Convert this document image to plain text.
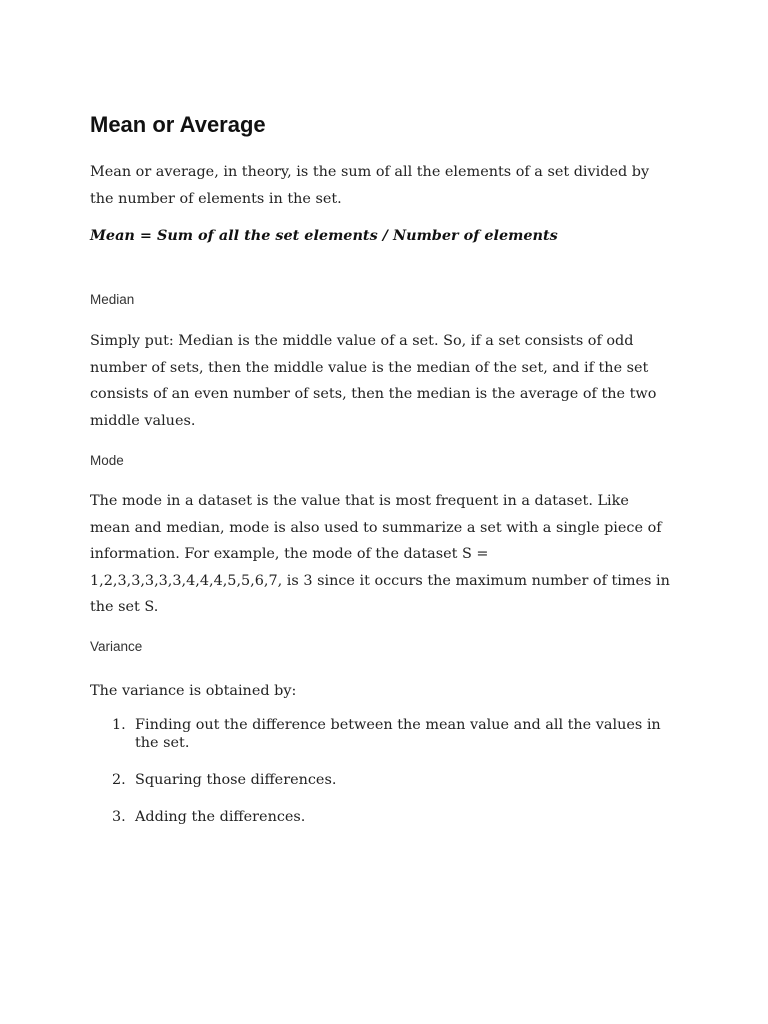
Mean or Average
Mean or average, in theory, is the sum of all the elements of a set divided by the number of elements in the set.
Mean = Sum of all the set elements / Number of elements
Median
Simply put: Median is the middle value of a set. So, if a set consists of odd number of sets, then the middle value is the median of the set, and if the set consists of an even number of sets, then the median is the average of the two middle values.
Mode
The mode in a dataset is the value that is most frequent in a dataset. Like mean and median, mode is also used to summarize a set with a single piece of information. For example, the mode of the dataset S = 1,2,3,3,3,3,3,4,4,4,5,5,6,7, is 3 since it occurs the maximum number of times in the set S.
Variance
The variance is obtained by:
1. Finding out the difference between the mean value and all the values in the set.
2. Squaring those differences.
3. Adding the differences.
